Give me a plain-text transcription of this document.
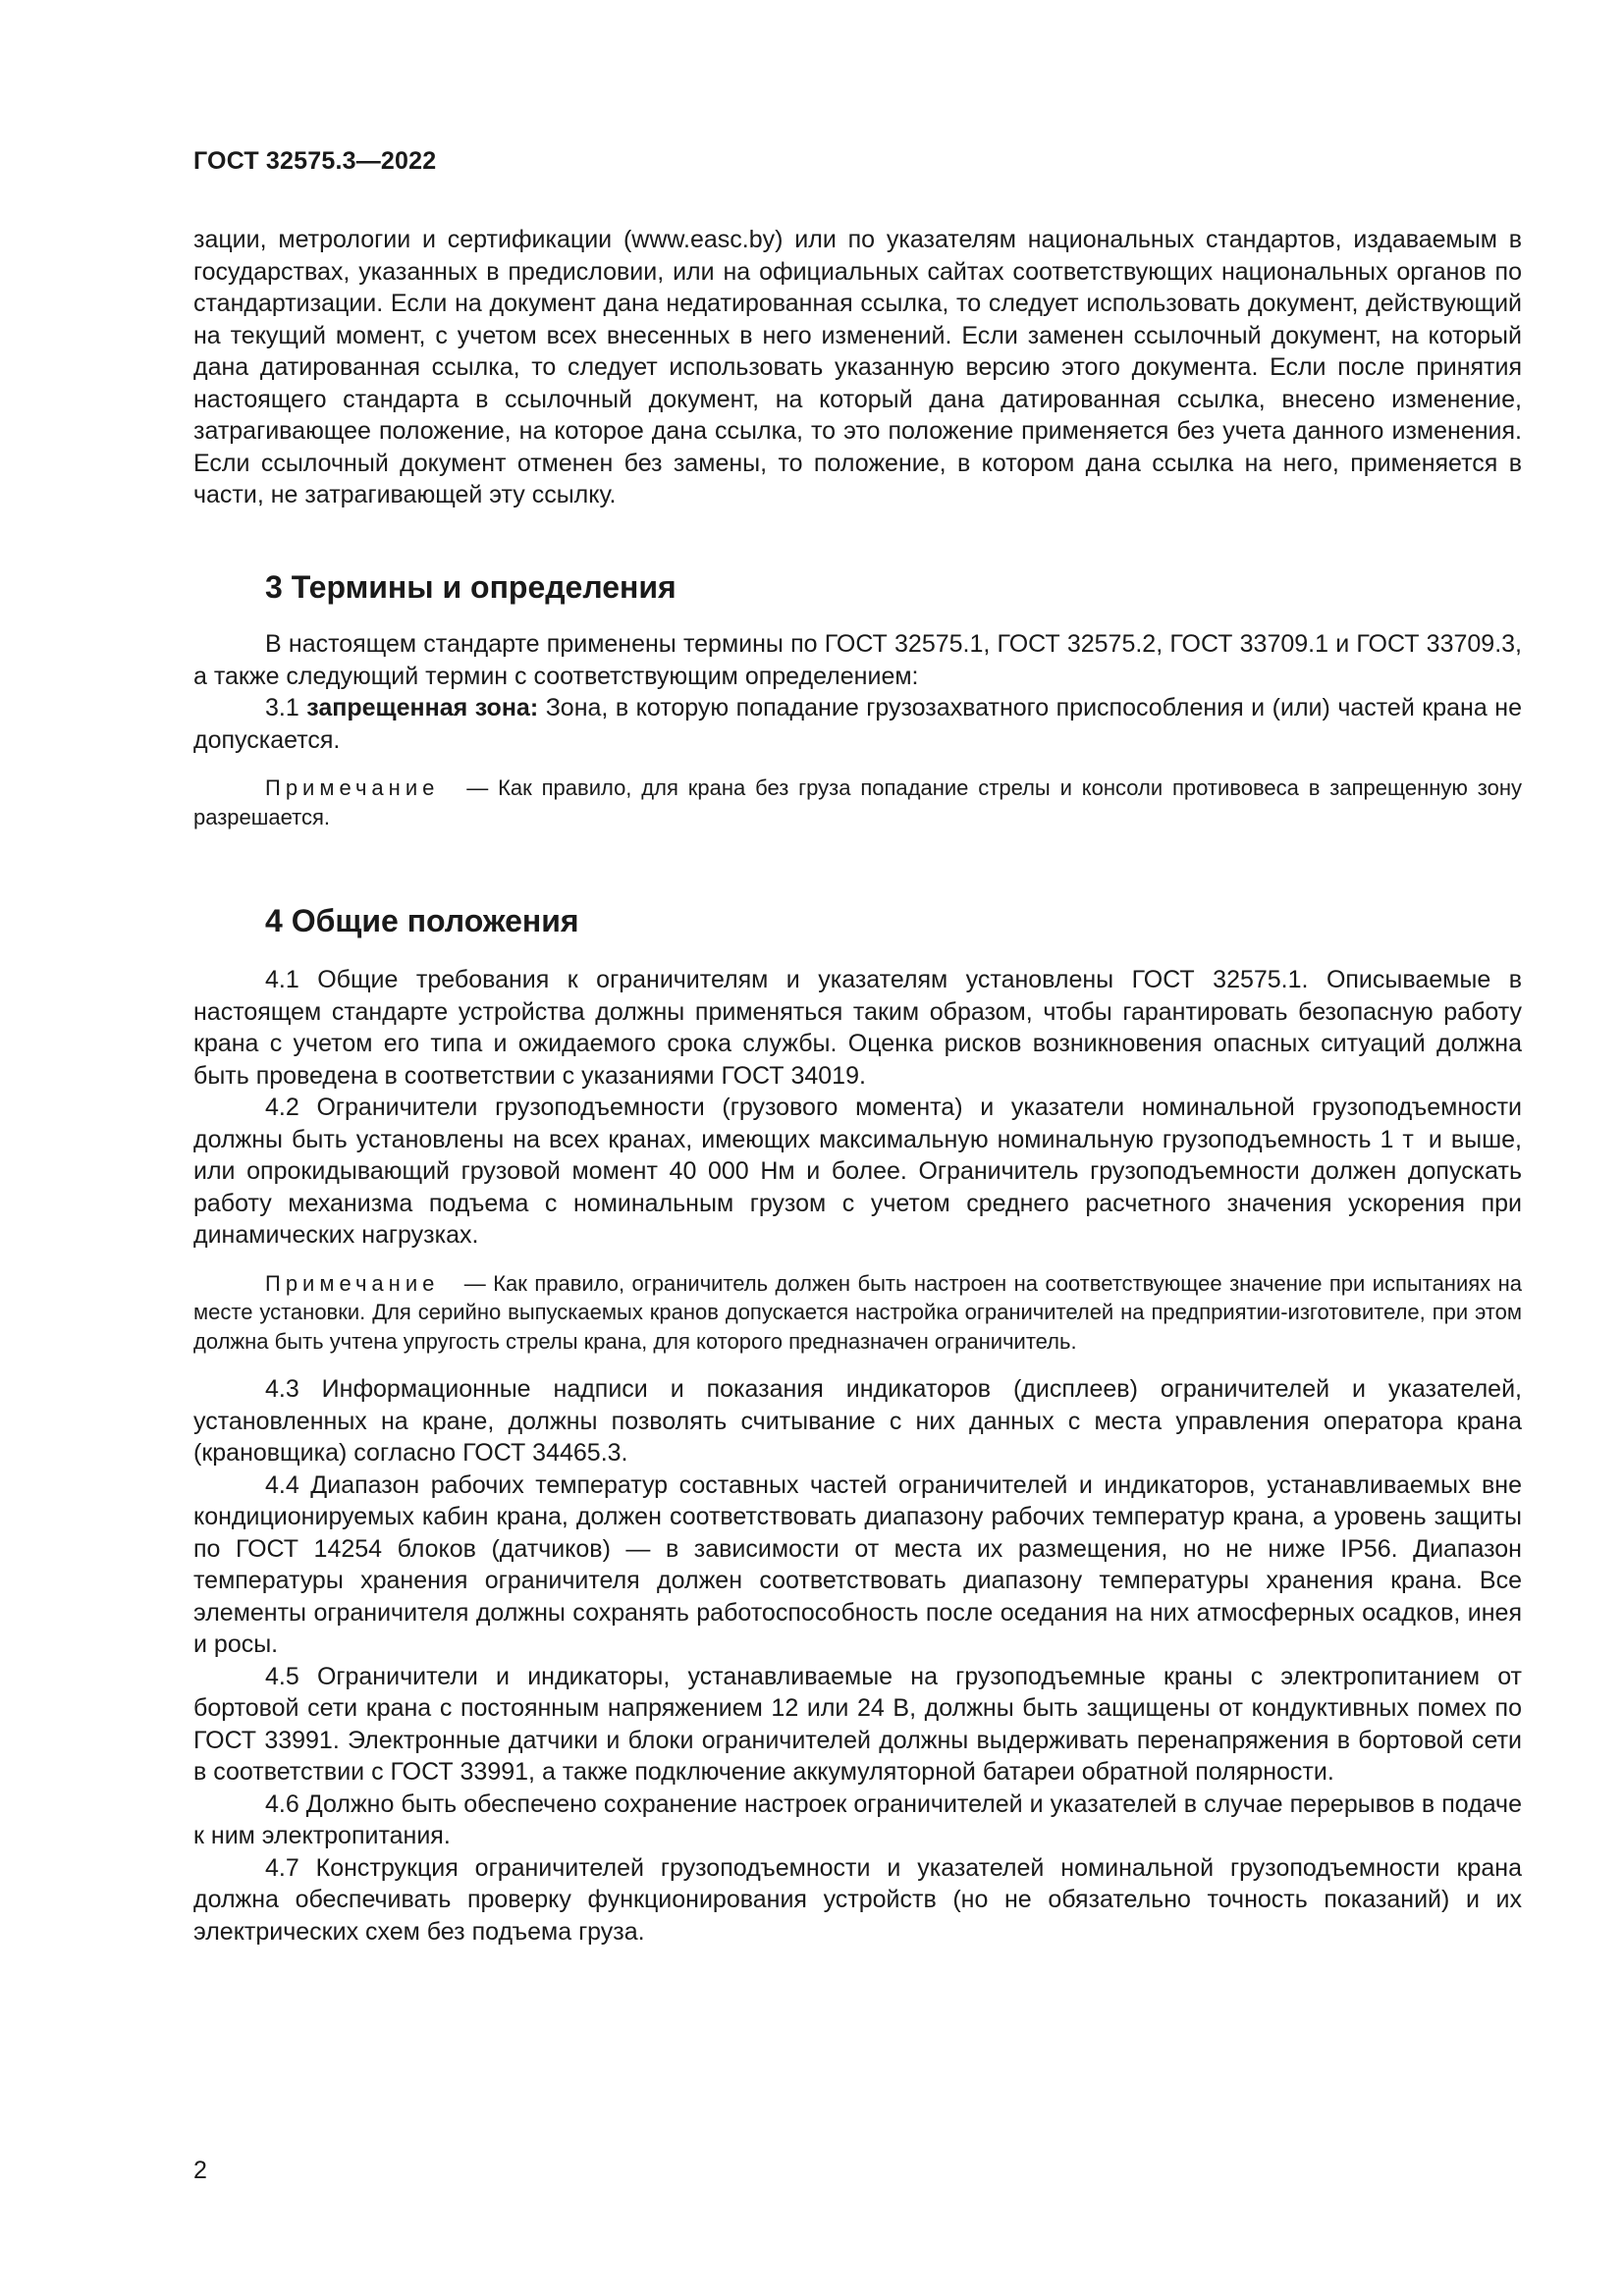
ГОСТ 32575.3—2022

зации, метрологии и сертификации (www.easc.by) или по указателям национальных стандартов, издаваемым в государствах, указанных в предисловии, или на официальных сайтах соответствующих национальных органов по стандартизации. Если на документ дана недатированная ссылка, то следует использовать документ, действующий на текущий момент, с учетом всех внесенных в него изменений. Если заменен ссылочный документ, на который дана датированная ссылка, то следует использовать указанную версию этого документа. Если после принятия настоящего стандарта в ссылочный документ, на который дана датированная ссылка, внесено изменение, затрагивающее положение, на которое дана ссылка, то это положение применяется без учета данного изменения. Если ссылочный документ отменен без замены, то положение, в котором дана ссылка на него, применяется в части, не затрагивающей эту ссылку.

3 Термины и определения

В настоящем стандарте применены термины по ГОСТ 32575.1, ГОСТ 32575.2, ГОСТ 33709.1 и ГОСТ 33709.3, а также следующий термин с соответствующим определением:

3.1 запрещенная зона: Зона, в которую попадание грузозахватного приспособления и (или) частей крана не допускается.

Примечание — Как правило, для крана без груза попадание стрелы и консоли противовеса в запрещенную зону разрешается.

4 Общие положения

4.1 Общие требования к ограничителям и указателям установлены ГОСТ 32575.1. Описываемые в настоящем стандарте устройства должны применяться таким образом, чтобы гарантировать безопасную работу крана с учетом его типа и ожидаемого срока службы. Оценка рисков возникновения опасных ситуаций должна быть проведена в соответствии с указаниями ГОСТ 34019.

4.2 Ограничители грузоподъемности (грузового момента) и указатели номинальной грузоподъемности должны быть установлены на всех кранах, имеющих максимальную номинальную грузоподъемность 1 т и выше, или опрокидывающий грузовой момент 40 000 Нм и более. Ограничитель грузоподъемности должен допускать работу механизма подъема с номинальным грузом с учетом среднего расчетного значения ускорения при динамических нагрузках.

Примечание — Как правило, ограничитель должен быть настроен на соответствующее значение при испытаниях на месте установки. Для серийно выпускаемых кранов допускается настройка ограничителей на предприятии-изготовителе, при этом должна быть учтена упругость стрелы крана, для которого предназначен ограничитель.

4.3 Информационные надписи и показания индикаторов (дисплеев) ограничителей и указателей, установленных на кране, должны позволять считывание с них данных с места управления оператора крана (крановщика) согласно ГОСТ 34465.3.

4.4 Диапазон рабочих температур составных частей ограничителей и индикаторов, устанавливаемых вне кондиционируемых кабин крана, должен соответствовать диапазону рабочих температур крана, а уровень защиты по ГОСТ 14254 блоков (датчиков) — в зависимости от места их размещения, но не ниже IP56. Диапазон температуры хранения ограничителя должен соответствовать диапазону температуры хранения крана. Все элементы ограничителя должны сохранять работоспособность после оседания на них атмосферных осадков, инея и росы.

4.5 Ограничители и индикаторы, устанавливаемые на грузоподъемные краны с электропитанием от бортовой сети крана с постоянным напряжением 12 или 24 В, должны быть защищены от кондуктивных помех по ГОСТ 33991. Электронные датчики и блоки ограничителей должны выдерживать перенапряжения в бортовой сети в соответствии с ГОСТ 33991, а также подключение аккумуляторной батареи обратной полярности.

4.6 Должно быть обеспечено сохранение настроек ограничителей и указателей в случае перерывов в подаче к ним электропитания.

4.7 Конструкция ограничителей грузоподъемности и указателей номинальной грузоподъемности крана должна обеспечивать проверку функционирования устройств (но не обязательно точность показаний) и их электрических схем без подъема груза.

2
